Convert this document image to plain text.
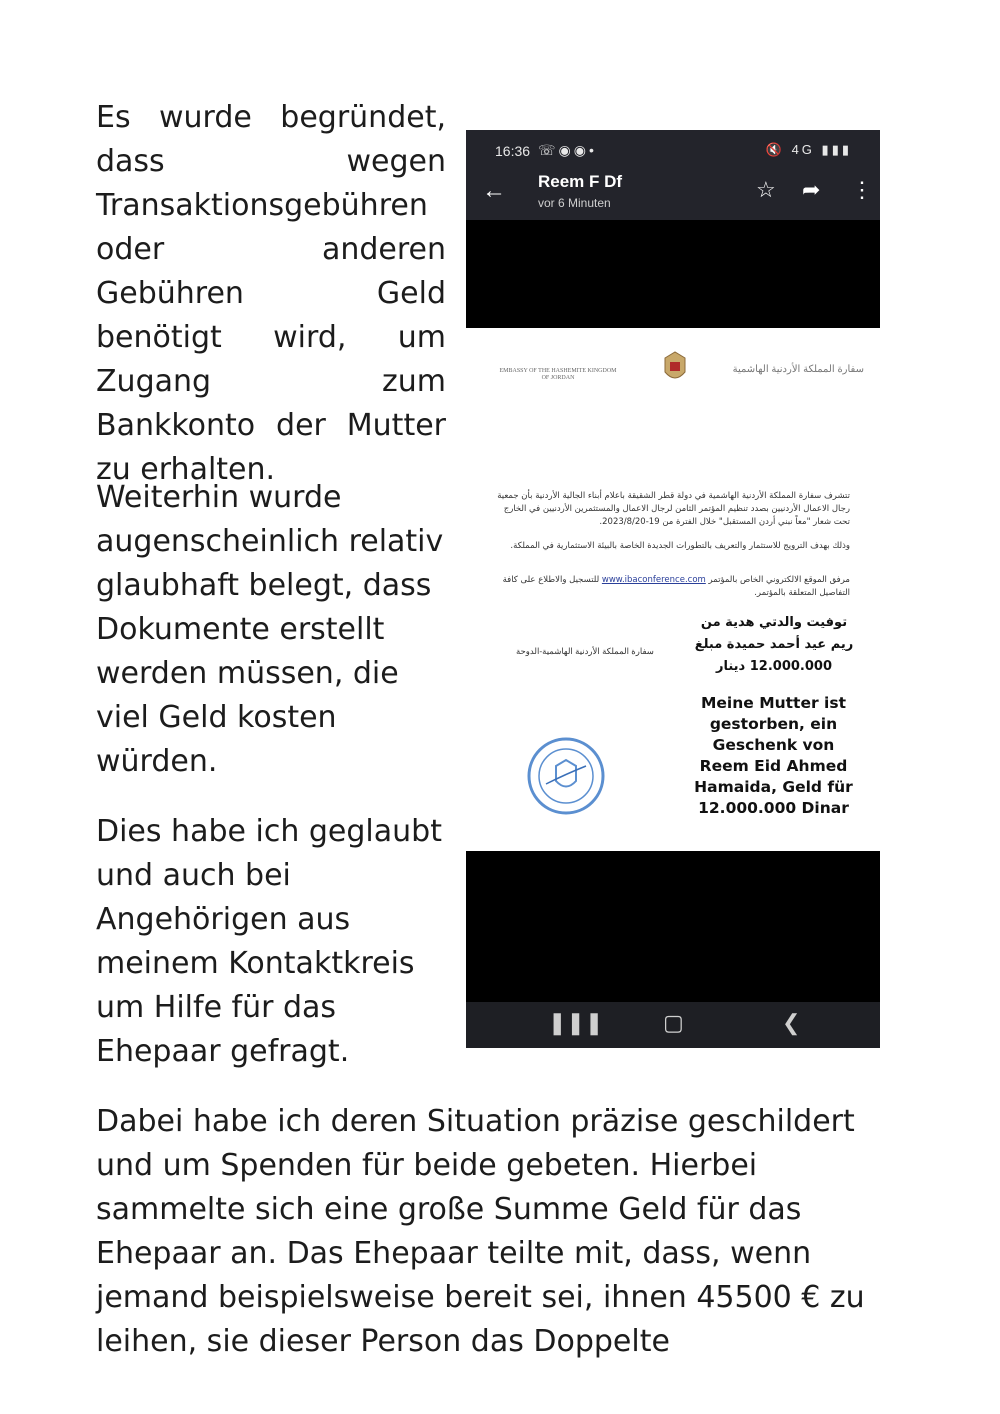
Es wurde begründet, dass wegen Transaktionsgebühren oder anderen Gebühren Geld benötigt wird, um Zugang zum Bankkonto der Mutter zu erhalten.

Weiterhin wurde augenscheinlich relativ glaubhaft belegt, dass Dokumente erstellt werden müssen, die viel Geld kosten würden.

Dies habe ich geglaubt und auch bei Angehörigen aus meinem Kontaktkreis um Hilfe für das Ehepaar gefragt.

16:36 ☏◉◉•	🔇 4G ▮▮▮
← Reem F Df
vor 6 Minuten
☆ ➦ ⋮
EMBASSY OF THE HASHEMITE KINGDOM OF JORDAN
سفارة المملكة الأردنية الهاشمية
تتشرف سفارة المملكة الأردنية الهاشمية في دولة قطر الشقيقة باعلام أبناء الجالية الأردنية بأن جمعية رجال الاعمال الأردنيين بصدد تنظيم المؤتمر الثامن لرجال الاعمال والمستثمرين الأردنيين في الخارج تحت شعار "معاً نبني أردن المستقبل" خلال الفترة من 19-2023/8/20.
وذلك بهدف الترويج للاستثمار والتعريف بالتطورات الجديدة الخاصة بالبيئة الاستثمارية في المملكة.
مرفق الموقع الالكتروني الخاص بالمؤتمر www.ibaconference.com للتسجيل والاطلاع على كافة التفاصيل المتعلقة بالمؤتمر.
سفارة المملكة الأردنية الهاشمية-الدوحة
توفيت والدتي هدية من
ريم عيد أحمد حميدة مبلغ
12.000.000 دينار
Meine Mutter ist gestorben, ein Geschenk von Reem Eid Ahmed Hamaida, Geld für 12.000.000 Dinar
❚❚❚	▢	❮

Dabei habe ich deren Situation präzise geschildert und um Spenden für beide gebeten. Hierbei sammelte sich eine große Summe Geld für das Ehepaar an. Das Ehepaar teilte mit, dass, wenn jemand beispielsweise bereit sei, ihnen 45500 € zu leihen, sie dieser Person das Doppelte
